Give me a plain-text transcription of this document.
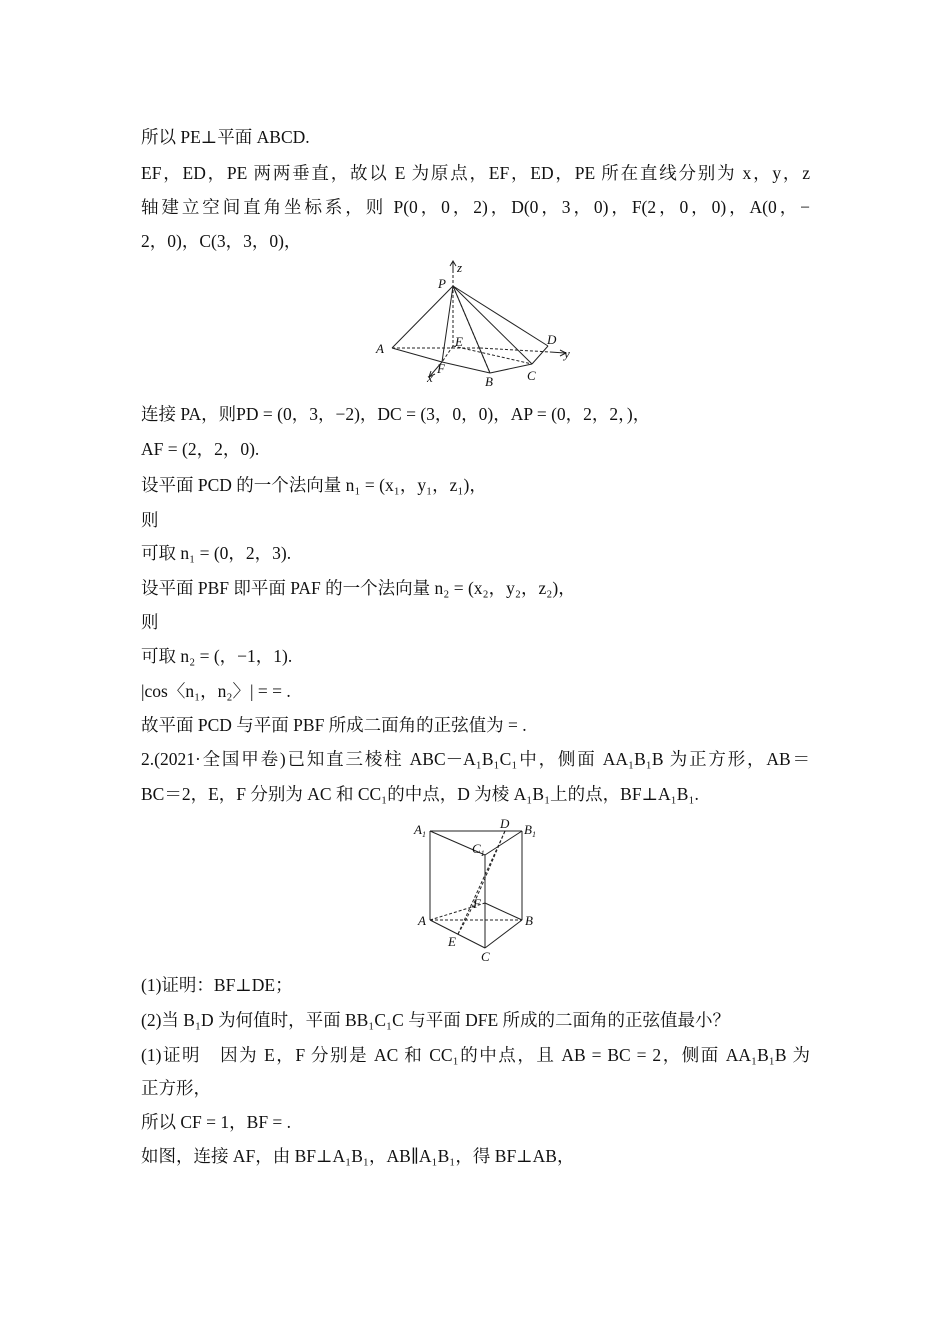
所以 PE⊥平面 ABCD.
EF，ED，PE 两两垂直，故以 E 为原点，EF，ED，PE 所在直线分别为 x，y，z
轴建立空间直角坐标系，则 P(0，0，2)，D(0，3，0)，F(2，0，0)，A(0，−
2，0)，C(3，3，0)，
P
z
A	E	D
y
F
x	B	C
连接 PA，则PD = (0，3，−2)，DC = (3，0，0)，AP = (0，2，2，)，
AF = (2，2，0).
设平面 PCD 的一个法向量 n₁ = (x₁，y₁，z₁)，
则
可取 n₁ = (0，2，3).
设平面 PBF 即平面 PAF 的一个法向量 n₂ = (x₂，y₂，z₂)，
则
可取 n₂ = (，−1，1).
|cos〈n₁，n₂〉| = = .
故平面 PCD 与平面 PBF 所成二面角的正弦值为 = .
2.(2021·全国甲卷)已知直三棱柱 ABC－A₁B₁C₁中，侧面 AA₁B₁B 为正方形，AB＝
BC＝2，E，F 分别为 AC 和 CC₁的中点，D 为棱 A₁B₁上的点，BF⊥A₁B₁.
$A_1$
D $B_1$
$C_1$
F
A	B
E
C
(1)证明：BF⊥DE；
(2)当 B₁D 为何值时，平面 BB₁C₁C 与平面 DFE 所成的二面角的正弦值最小？
(1)证明　因为 E，F 分别是 AC 和 CC₁的中点，且 AB = BC = 2，侧面 AA₁B₁B 为
正方形，
所以 CF = 1，BF = .
如图，连接 AF，由 BF⊥A₁B₁，AB∥A₁B₁，得 BF⊥AB，
